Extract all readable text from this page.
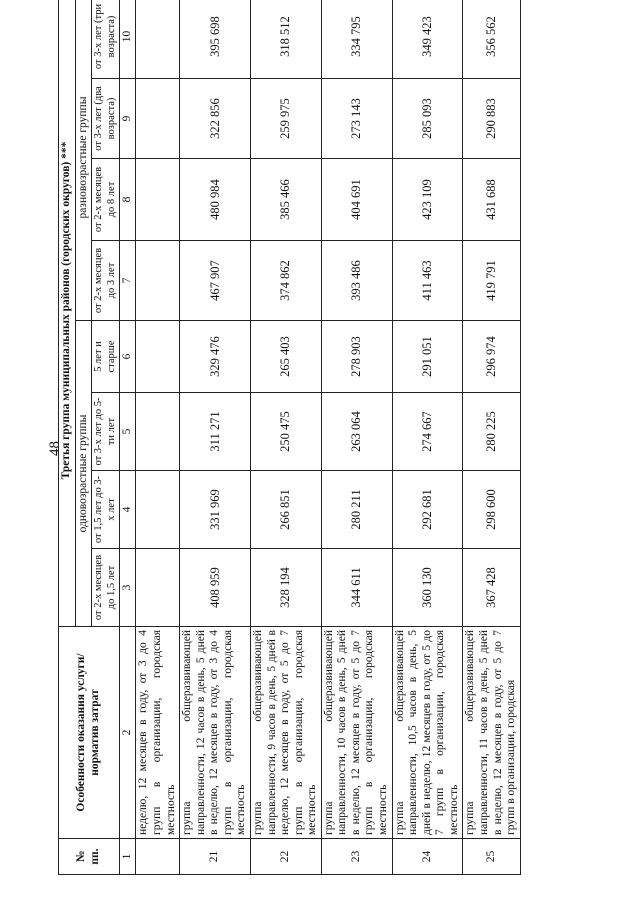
48
№ пп.	Особенности оказания услуги/норматив затрат	Третья группа муниципальных районов (городских округов) ***							
		одновозрастные группы				разновозрастные группы			
		от 2-х месяцев до 1,5 лет	от 1,5 лет до 3-х лет	от 3-х лет до 5-ти лет	5 лет и старше	от 2-х месяцев до 3 лет	от 2-х месяцев до 8 лет	от 3-х лет (два возраста)	от 3-х лет (три возраста)
1	2	3	4	5	6	7	8	9	10
	неделю, 12 месяцев в году, от 3 до 4 групп в организации, городская местность								
21	группа общеразвивающей направленности, 12 часов в день, 5 дней в неделю, 12 месяцев в году, от 3 до 4 групп в организации, городская местность	408 959	331 969	311 271	329 476	467 907	480 984	322 856	395 698
22	группа общеразвивающей направленности, 9 часов в день, 5 дней в неделю, 12 месяцев в году, от 5 до 7 групп в организации, городская местность	328 194	266 851	250 475	265 403	374 862	385 466	259 975	318 512
23	группа общеразвивающей направленности, 10 часов в день, 5 дней в неделю, 12 месяцев в году, от 5 до 7 групп в организации, городская местность	344 611	280 211	263 064	278 903	393 486	404 691	273 143	334 795
24	группа общеразвивающей направленности, 10,5 часов в день, 5 дней в неделю, 12 месяцев в году, от 5 до 7 групп в организации, городская местность	360 130	292 681	274 667	291 051	411 463	423 109	285 093	349 423
25	группа общеразвивающей направленности, 11 часов в день, 5 дней в неделю, 12 месяцев в году, от 5 до 7 групп в организации, городская	367 428	298 600	280 225	296 974	419 791	431 688	290 883	356 562
